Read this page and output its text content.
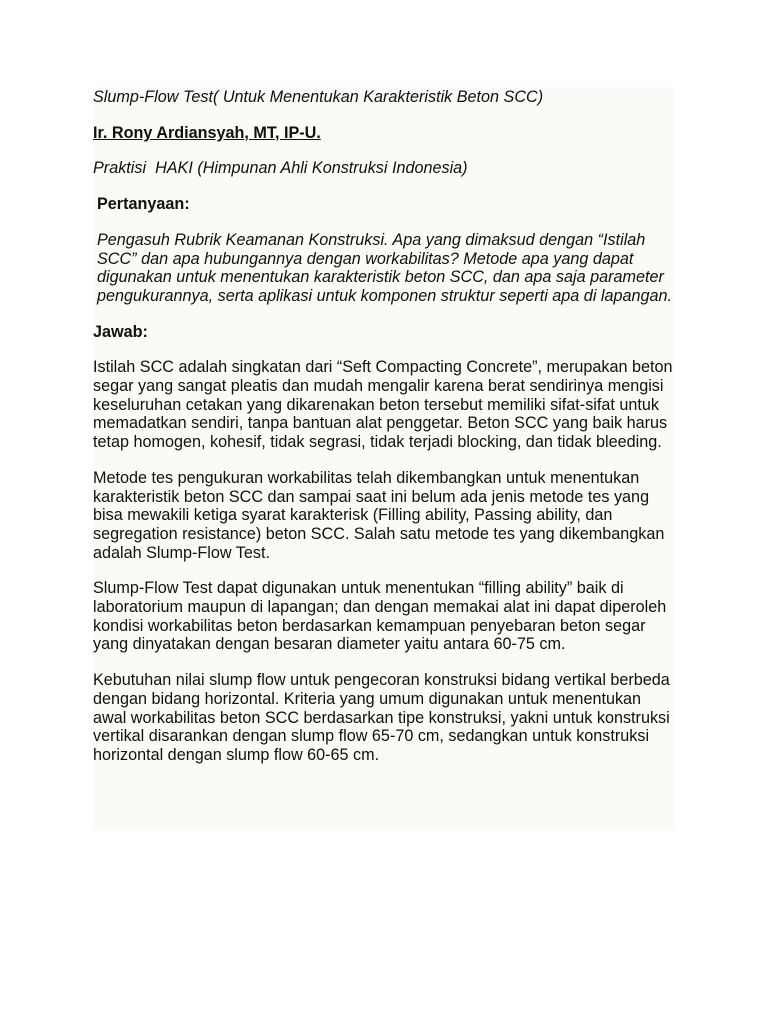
Slump-Flow Test( Untuk Menentukan Karakteristik Beton SCC)

Ir. Rony Ardiansyah, MT, IP-U.

Praktisi  HAKI (Himpunan Ahli Konstruksi Indonesia)

Pertanyaan:

Pengasuh Rubrik Keamanan Konstruksi. Apa yang dimaksud dengan “Istilah SCC” dan apa hubungannya dengan workabilitas? Metode apa yang dapat digunakan untuk menentukan karakteristik beton SCC, dan apa saja parameter pengukurannya, serta aplikasi untuk komponen struktur seperti apa di lapangan.

Jawab:

Istilah SCC adalah singkatan dari “Seft Compacting Concrete”, merupakan beton segar yang sangat pleatis dan mudah mengalir karena berat sendirinya mengisi keseluruhan cetakan yang dikarenakan beton tersebut memiliki sifat-sifat untuk memadatkan sendiri, tanpa bantuan alat penggetar. Beton SCC yang baik harus tetap homogen, kohesif, tidak segrasi, tidak terjadi blocking, dan tidak bleeding.

Metode tes pengukuran workabilitas telah dikembangkan untuk menentukan karakteristik beton SCC dan sampai saat ini belum ada jenis metode tes yang bisa mewakili ketiga syarat karakterisk (Filling ability, Passing ability, dan segregation resistance) beton SCC. Salah satu metode tes yang dikembangkan adalah Slump-Flow Test.

Slump-Flow Test dapat digunakan untuk menentukan “filling ability” baik di laboratorium maupun di lapangan; dan dengan memakai alat ini dapat diperoleh kondisi workabilitas beton berdasarkan kemampuan penyebaran beton segar yang dinyatakan dengan besaran diameter yaitu antara 60-75 cm.

Kebutuhan nilai slump flow untuk pengecoran konstruksi bidang vertikal berbeda dengan bidang horizontal. Kriteria yang umum digunakan untuk menentukan awal workabilitas beton SCC berdasarkan tipe konstruksi, yakni untuk konstruksi vertikal disarankan dengan slump flow 65-70 cm, sedangkan untuk konstruksi horizontal dengan slump flow 60-65 cm.
